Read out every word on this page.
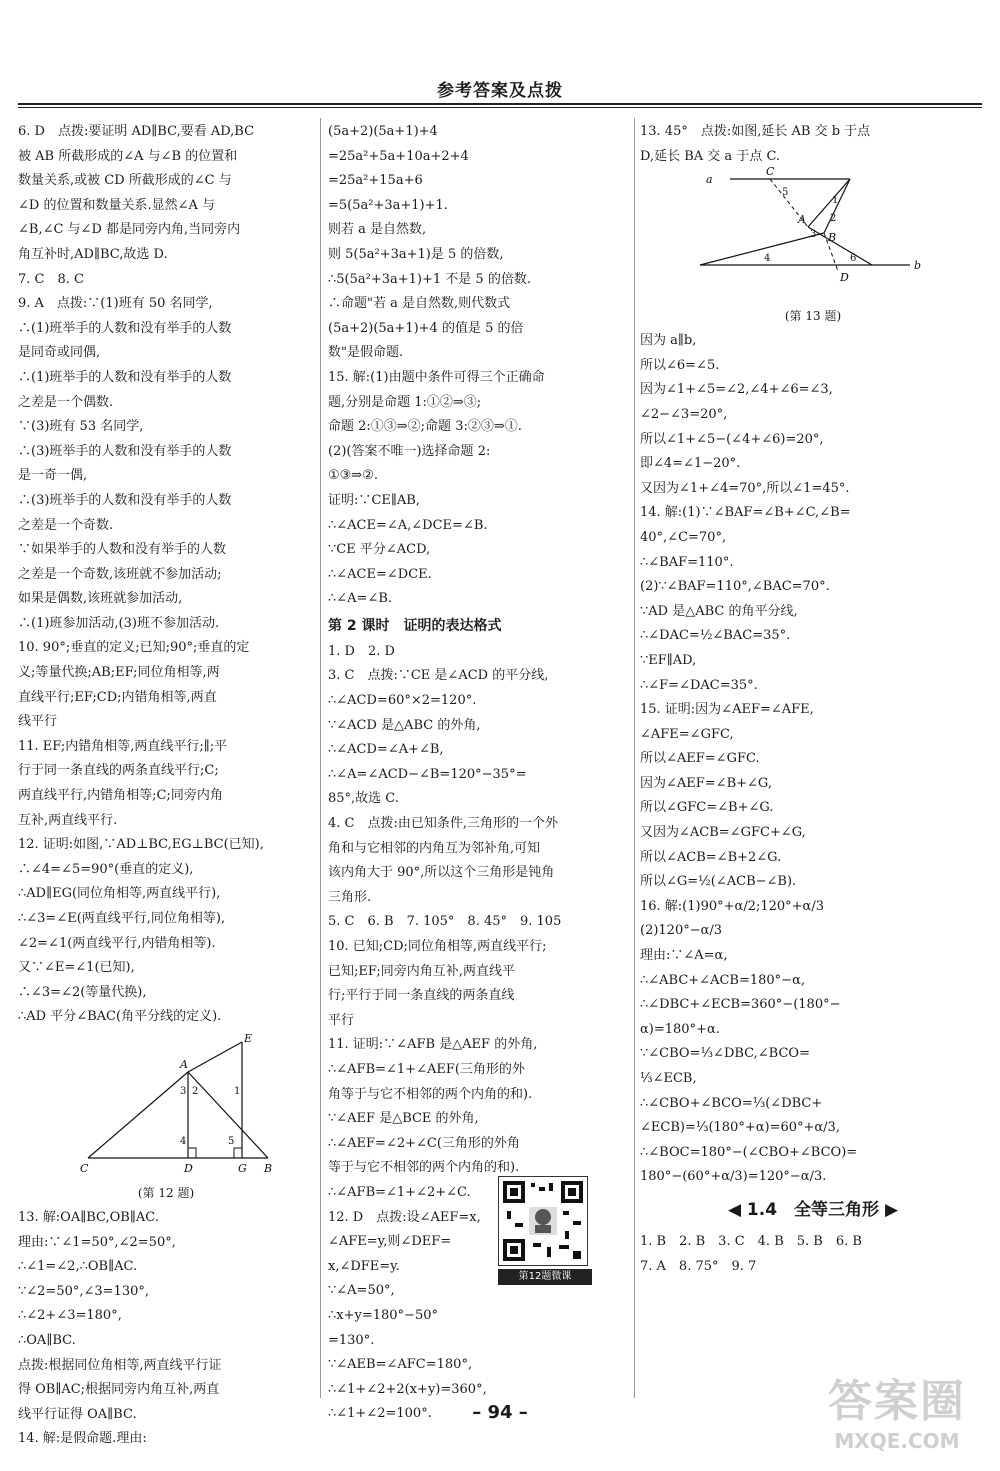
参考答案及点拨
6. D　点拨:要证明 AD∥BC,要看 AD,BC
被 AB 所截形成的∠A 与∠B 的位置和
数量关系,或被 CD 所截形成的∠C 与
∠D 的位置和数量关系.显然∠A 与
∠B,∠C 与∠D 都是同旁内角,当同旁内
角互补时,AD∥BC,故选 D.
7. C　8. C
9. A　点拨:∵(1)班有 50 名同学,
∴(1)班举手的人数和没有举手的人数
是同奇或同偶,
∴(1)班举手的人数和没有举手的人数
之差是一个偶数.
∵(3)班有 53 名同学,
∴(3)班举手的人数和没有举手的人数
是一奇一偶,
∴(3)班举手的人数和没有举手的人数
之差是一个奇数.
∵如果举手的人数和没有举手的人数
之差是一个奇数,该班就不参加活动;
如果是偶数,该班就参加活动,
∴(1)班参加活动,(3)班不参加活动.
10. 90°;垂直的定义;已知;90°;垂直的定
义;等量代换;AB;EF;同位角相等,两
直线平行;EF;CD;内错角相等,两直
线平行
11. EF;内错角相等,两直线平行;∥;平
行于同一条直线的两条直线平行;C;
两直线平行,内错角相等;C;同旁内角
互补,两直线平行.
12. 证明:如图,∵AD⊥BC,EG⊥BC(已知),
∴∠4=∠5=90°(垂直的定义),
∴AD∥EG(同位角相等,两直线平行),
∴∠3=∠E(两直线平行,同位角相等),
∠2=∠1(两直线平行,内错角相等).
又∵∠E=∠1(已知),
∴∠3=∠2(等量代换),
∴AD 平分∠BAC(角平分线的定义).
E
A
1
2
3
4	5
C	D	G B
(第 12 题)
13. 解:OA∥BC,OB∥AC.
理由:∵∠1=50°,∠2=50°,
∴∠1=∠2,∴OB∥AC.
∵∠2=50°,∠3=130°,
∴∠2+∠3=180°,
∴OA∥BC.
点拨:根据同位角相等,两直线平行证
得 OB∥AC;根据同旁内角互补,两直
线平行证得 OA∥BC.
14. 解:是假命题.理由:
(5a+2)(5a+1)+4
=25a²+5a+10a+2+4
=25a²+15a+6
=5(5a²+3a+1)+1.
则若 a 是自然数,
则 5(5a²+3a+1)是 5 的倍数,
∴5(5a²+3a+1)+1 不是 5 的倍数.
∴命题"若 a 是自然数,则代数式
(5a+2)(5a+1)+4 的值是 5 的倍
数"是假命题.
15. 解:(1)由题中条件可得三个正确命
题,分别是命题 1:①②⇒③;
命题 2:①③⇒②;命题 3:②③⇒①.
(2)(答案不唯一)选择命题 2:
①③⇒②.
证明:∵CE∥AB,
∴∠ACE=∠A,∠DCE=∠B.
∵CE 平分∠ACD,
∴∠ACE=∠DCE.
∴∠A=∠B.
第 2 课时　证明的表达格式
1. D　2. D
3. C　点拨:∵CE 是∠ACD 的平分线,
∴∠ACD=60°×2=120°.
∵∠ACD 是△ABC 的外角,
∴∠ACD=∠A+∠B,
∴∠A=∠ACD−∠B=120°−35°=
85°,故选 C.
4. C　点拨:由已知条件,三角形的一个外
角和与它相邻的内角互为邻补角,可知
该内角大于 90°,所以这个三角形是钝角
三角形.
5. C　6. B　7. 105°　8. 45°　9. 105
10. 已知;CD;同位角相等,两直线平行;
已知;EF;同旁内角互补,两直线平
行;平行于同一条直线的两条直线
平行
11. 证明:∵∠AFB 是△AEF 的外角,
∴∠AFB=∠1+∠AEF(三角形的外
角等于与它不相邻的两个内角的和).
∵∠AEF 是△BCE 的外角,
∴∠AEF=∠2+∠C(三角形的外角
等于与它不相邻的两个内角的和).
∴∠AFB=∠1+∠2+∠C.
12. D　点拨:设∠AEF=x,
∠AFE=y,则∠DEF=
x,∠DFE=y.
∵∠A=50°,
∴x+y=180°−50°
=130°.
∵∠AEB=∠AFC=180°,
∴∠1+∠2+2(x+y)=360°,
∴∠1+∠2=100°.
第12题微课
13. 45°　点拨:如图,延长 AB 交 b 于点
D,延长 BA 交 a 于点 C.
a
C
5
1
2
A
3 B
4	6
D
b
(第 13 题)
因为 a∥b,
所以∠6=∠5.
因为∠1+∠5=∠2,∠4+∠6=∠3,
∠2−∠3=20°,
所以∠1+∠5−(∠4+∠6)=20°,
即∠4=∠1−20°.
又因为∠1+∠4=70°,所以∠1=45°.
14. 解:(1)∵∠BAF=∠B+∠C,∠B=
40°,∠C=70°,
∴∠BAF=110°.
(2)∵∠BAF=110°,∠BAC=70°.
∵AD 是△ABC 的角平分线,
∴∠DAC=½∠BAC=35°.
∵EF∥AD,
∴∠F=∠DAC=35°.
15. 证明:因为∠AEF=∠AFE,
∠AFE=∠GFC,
所以∠AEF=∠GFC.
因为∠AEF=∠B+∠G,
所以∠GFC=∠B+∠G.
又因为∠ACB=∠GFC+∠G,
所以∠ACB=∠B+2∠G.
所以∠G=½(∠ACB−∠B).
16. 解:(1)90°+α/2;120°+α/3
(2)120°−α/3
理由:∵∠A=α,
∴∠ABC+∠ACB=180°−α,
∴∠DBC+∠ECB=360°−(180°−
α)=180°+α.
∵∠CBO=⅓∠DBC,∠BCO=
⅓∠ECB,
∴∠CBO+∠BCO=⅓(∠DBC+
∠ECB)=⅓(180°+α)=60°+α/3,
∴∠BOC=180°−(∠CBO+∠BCO)=
180°−(60°+α/3)=120°−α/3.
◀ 1.4　全等三角形 ▶
1. B　2. B　3. C　4. B　5. B　6. B
7. A　8. 75°　9. 7
– 94 –	答案圈
MXQE.COM
